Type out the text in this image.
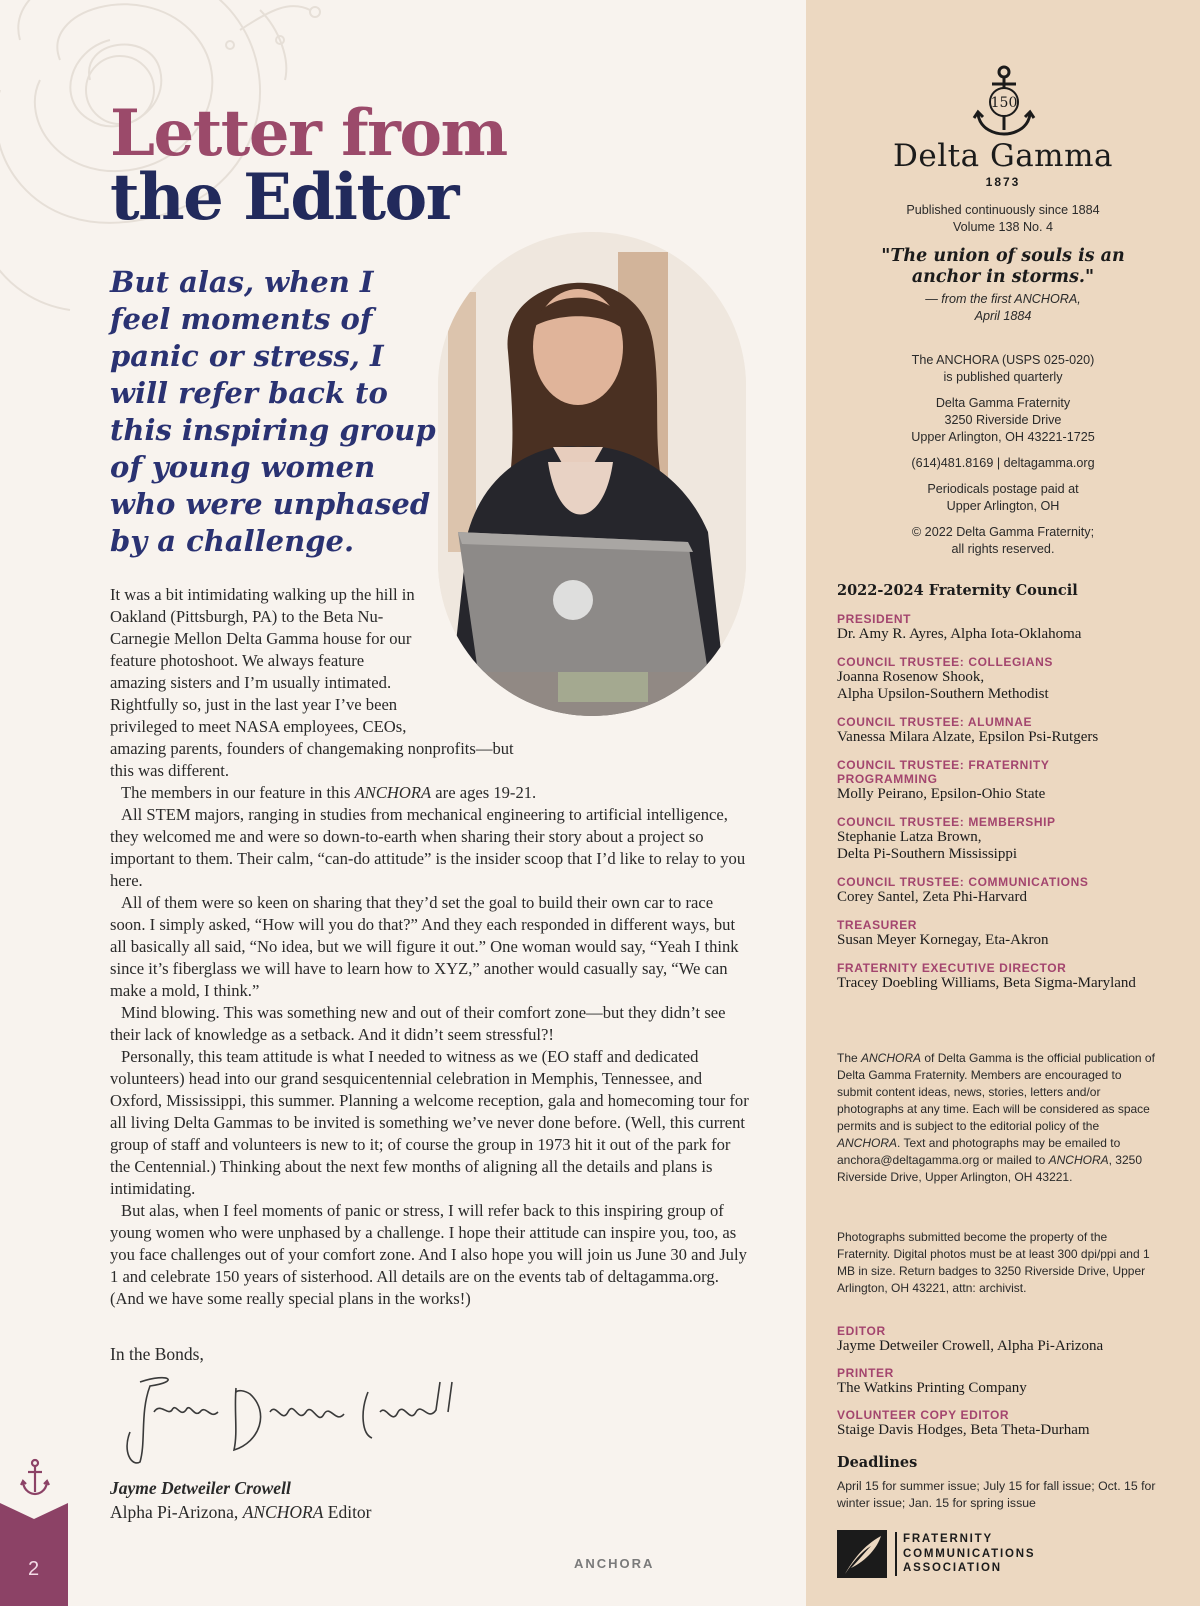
Letter from
the Editor
But alas, when I feel moments of panic or stress, I will refer back to this inspiring group of young women who were unphased by a challenge.

It was a bit intimidating walking up the hill in Oakland (Pittsburgh, PA) to the Beta Nu-Carnegie Mellon Delta Gamma house for our feature photoshoot. We always feature amazing sisters and I’m usually intimated. Rightfully so, just in the last year I’ve been privileged to meet NASA employees, CEOs,

amazing parents, founders of changemaking nonprofits—but this was different.

The members in our feature in this ANCHORA are ages 19-21.

All STEM majors, ranging in studies from mechanical engineering to artificial intelligence, they welcomed me and were so down-to-earth when sharing their story about a project so important to them. Their calm, “can-do attitude” is the insider scoop that I’d like to relay to you here.

All of them were so keen on sharing that they’d set the goal to build their own car to race soon. I simply asked, “How will you do that?” And they each responded in different ways, but all basically all said, “No idea, but we will figure it out.” One woman would say, “Yeah I think since it’s fiberglass we will have to learn how to XYZ,” another would casually say, “We can make a mold, I think.”

Mind blowing. This was something new and out of their comfort zone—but they didn’t see their lack of knowledge as a setback. And it didn’t seem stressful?!

Personally, this team attitude is what I needed to witness as we (EO staff and dedicated volunteers) head into our grand sesquicentennial celebration in Memphis, Tennessee, and Oxford, Mississippi, this summer. Planning a welcome reception, gala and homecoming tour for all living Delta Gammas to be invited is something we’ve never done before. (Well, this current group of staff and volunteers is new to it; of course the group in 1973 hit it out of the park for the Centennial.) Thinking about the next few months of aligning all the details and plans is intimidating.

But alas, when I feel moments of panic or stress, I will refer back to this inspiring group of young women who were unphased by a challenge. I hope their attitude can inspire you, too, as you face challenges out of your comfort zone. And I also hope you will join us June 30 and July 1 and celebrate 150 years of sisterhood. All details are on the events tab of deltagamma.org. (And we have some really special plans in the works!)

In the Bonds,
Jayme Detweiler Crowell
Alpha Pi-Arizona, ANCHORA Editor
2	ANCHORA
150
Delta Gamma
1873
Published continuously since 1884
Volume 138 No. 4
"The union of souls is an
anchor in storms."
— from the first ANCHORA,
April 1884
The ANCHORA (USPS 025-020)
is published quarterly
Delta Gamma Fraternity
3250 Riverside Drive
Upper Arlington, OH 43221-1725
(614)481.8169 | deltagamma.org
Periodicals postage paid at
Upper Arlington, OH
© 2022 Delta Gamma Fraternity;
all rights reserved.
2022-2024 Fraternity Council
PRESIDENT
Dr. Amy R. Ayres, Alpha Iota-Oklahoma
COUNCIL TRUSTEE: COLLEGIANS
Joanna Rosenow Shook,
Alpha Upsilon-Southern Methodist
COUNCIL TRUSTEE: ALUMNAE
Vanessa Milara Alzate, Epsilon Psi-Rutgers
COUNCIL TRUSTEE: FRATERNITY PROGRAMMING
Molly Peirano, Epsilon-Ohio State
COUNCIL TRUSTEE: MEMBERSHIP
Stephanie Latza Brown,
Delta Pi-Southern Mississippi
COUNCIL TRUSTEE: COMMUNICATIONS
Corey Santel, Zeta Phi-Harvard
TREASURER
Susan Meyer Kornegay, Eta-Akron
FRATERNITY EXECUTIVE DIRECTOR
Tracey Doebling Williams, Beta Sigma-Maryland
The ANCHORA of Delta Gamma is the official publication of Delta Gamma Fraternity. Members are encouraged to submit content ideas, news, stories, letters and/or photographs at any time. Each will be considered as space permits and is subject to the editorial policy of the ANCHORA. Text and photographs may be emailed to anchora@deltagamma.org or mailed to ANCHORA, 3250 Riverside Drive, Upper Arlington, OH 43221.
Photographs submitted become the property of the Fraternity. Digital photos must be at least 300 dpi/ppi and 1 MB in size. Return badges to 3250 Riverside Drive, Upper Arlington, OH 43221, attn: archivist.
EDITOR
Jayme Detweiler Crowell, Alpha Pi-Arizona
PRINTER
The Watkins Printing Company
VOLUNTEER COPY EDITOR
Staige Davis Hodges, Beta Theta-Durham
Deadlines
April 15 for summer issue; July 15 for fall issue; Oct. 15 for winter issue; Jan. 15 for spring issue
FRATERNITY
COMMUNICATIONS
ASSOCIATION
